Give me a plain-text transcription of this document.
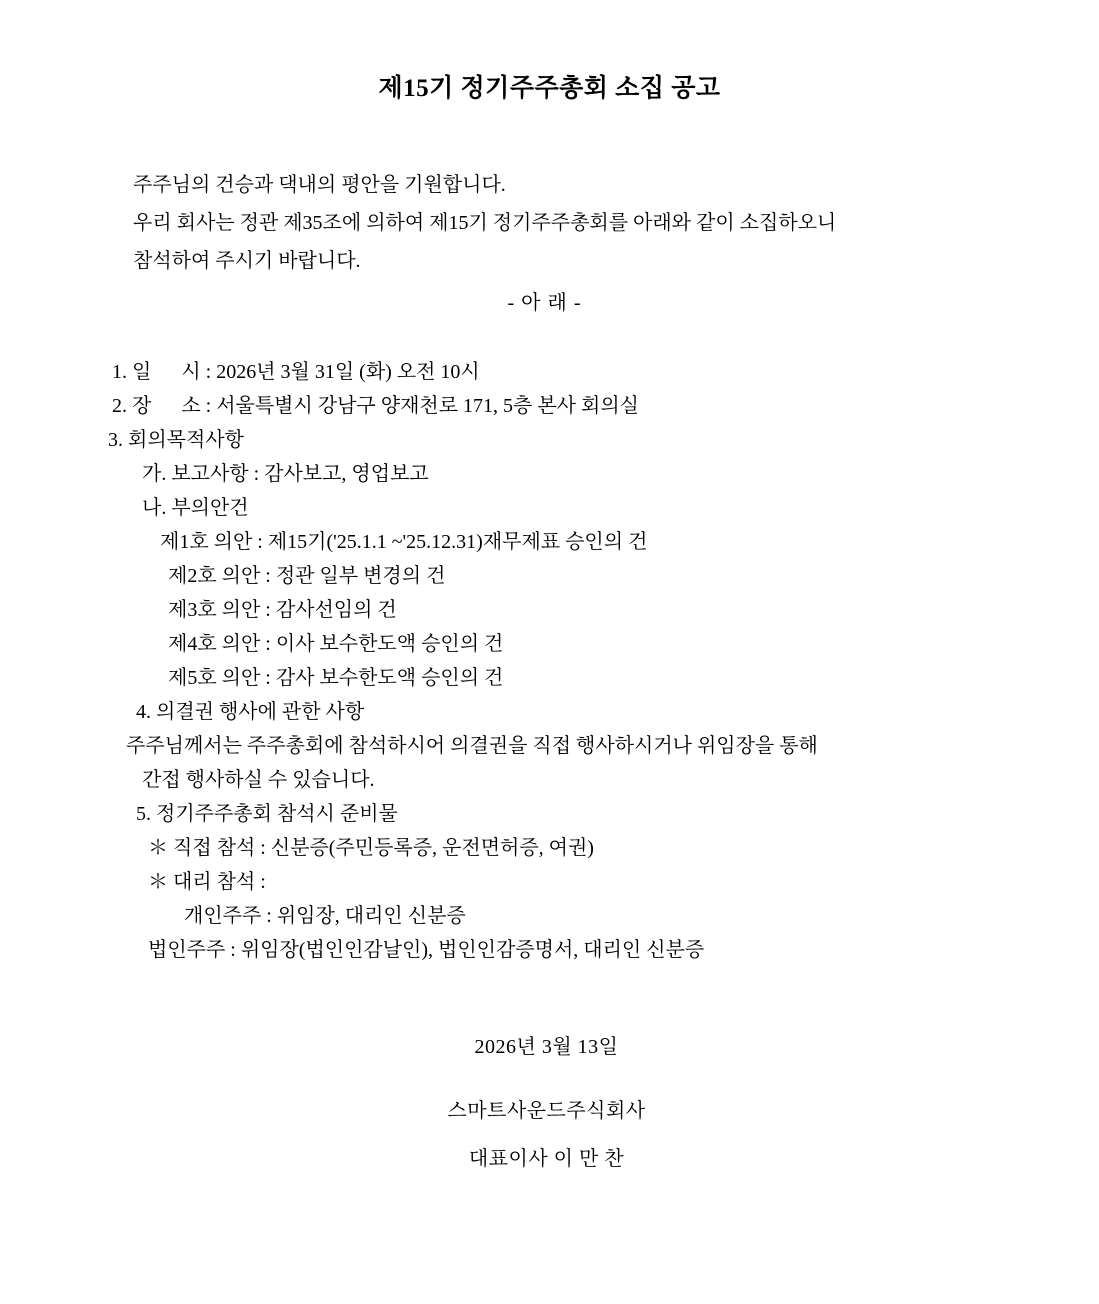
제15기 정기주주총회 소집 공고
주주님의 건승과 댁내의 평안을 기원합니다.
우리 회사는 정관 제35조에 의하여 제15기 정기주주총회를 아래와 같이 소집하오니
참석하여 주시기 바랍니다.
- 아 래 -
1. 일      시 : 2026년 3월 31일 (화) 오전 10시
2. 장      소 : 서울특별시 강남구 양재천로 171, 5층 본사 회의실
3. 회의목적사항
가. 보고사항 : 감사보고, 영업보고
나. 부의안건
제1호 의안 : 제15기('25.1.1 ~'25.12.31)재무제표 승인의 건
제2호 의안 : 정관 일부 변경의 건
제3호 의안 : 감사선임의 건
제4호 의안 : 이사 보수한도액 승인의 건
제5호 의안 : 감사 보수한도액 승인의 건
4. 의결권 행사에 관한 사항
주주님께서는 주주총회에 참석하시어 의결권을 직접 행사하시거나 위임장을 통해
간접 행사하실 수 있습니다.
5. 정기주주총회 참석시 준비물
＊ 직접 참석 : 신분증(주민등록증, 운전면허증, 여권)
＊ 대리 참석 :
개인주주 : 위임장, 대리인 신분증
법인주주 : 위임장(법인인감날인), 법인인감증명서, 대리인 신분증
2026년 3월 13일
스마트사운드주식회사
대표이사 이 만 찬
